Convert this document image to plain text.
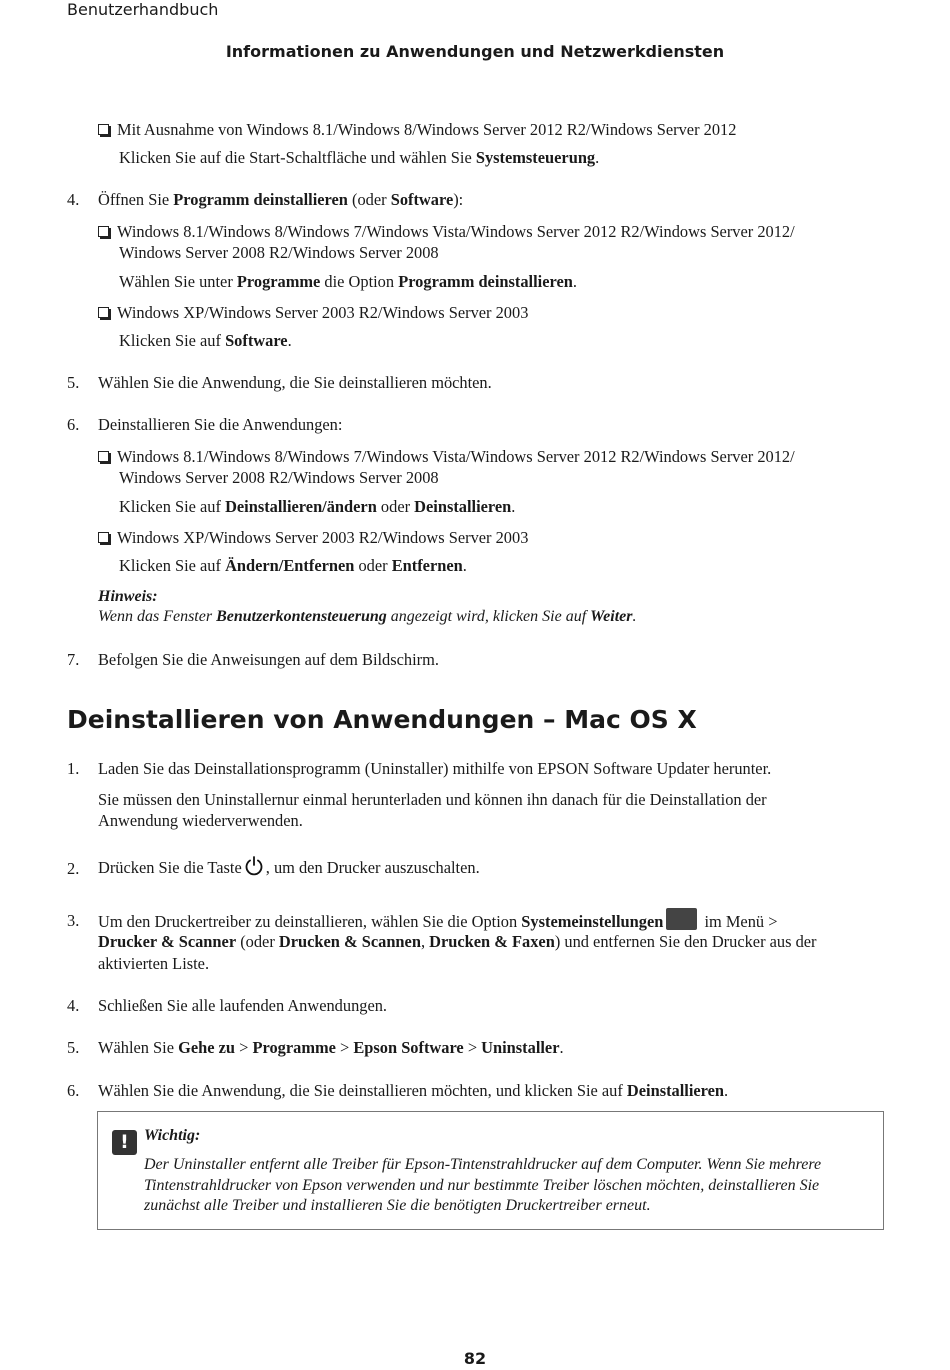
Benutzerhandbuch
Informationen zu Anwendungen und Netzwerkdiensten
Mit Ausnahme von Windows 8.1/Windows 8/Windows Server 2012 R2/Windows Server 2012
Klicken Sie auf die Start-Schaltfläche und wählen Sie Systemsteuerung.
4.	Öffnen Sie Programm deinstallieren (oder Software):
Windows 8.1/Windows 8/Windows 7/Windows Vista/Windows Server 2012 R2/Windows Server 2012/
Windows Server 2008 R2/Windows Server 2008
Wählen Sie unter Programme die Option Programm deinstallieren.
Windows XP/Windows Server 2003 R2/Windows Server 2003
Klicken Sie auf Software.
5.	Wählen Sie die Anwendung, die Sie deinstallieren möchten.
6.	Deinstallieren Sie die Anwendungen:
Windows 8.1/Windows 8/Windows 7/Windows Vista/Windows Server 2012 R2/Windows Server 2012/
Windows Server 2008 R2/Windows Server 2008
Klicken Sie auf Deinstallieren/ändern oder Deinstallieren.
Windows XP/Windows Server 2003 R2/Windows Server 2003
Klicken Sie auf Ändern/Entfernen oder Entfernen.
Hinweis:
Wenn das Fenster Benutzerkontensteuerung angezeigt wird, klicken Sie auf Weiter.
7.	Befolgen Sie die Anweisungen auf dem Bildschirm.
Deinstallieren von Anwendungen – Mac OS X
1.	Laden Sie das Deinstallationsprogramm (Uninstaller) mithilfe von EPSON Software Updater herunter.
Sie müssen den Uninstallernur einmal herunterladen und können ihn danach für die Deinstallation der
Anwendung wiederverwenden.
2.	Drücken Sie die Taste , um den Drucker auszuschalten.
3.	Um den Druckertreiber zu deinstallieren, wählen Sie die Option Systemeinstellungen im Menü >
Drucker & Scanner (oder Drucken & Scannen, Drucken & Faxen) und entfernen Sie den Drucker aus der
aktivierten Liste.
4.	Schließen Sie alle laufenden Anwendungen.
5.	Wählen Sie Gehe zu > Programme > Epson Software > Uninstaller.
6.	Wählen Sie die Anwendung, die Sie deinstallieren möchten, und klicken Sie auf Deinstallieren.
! Wichtig:
Der Uninstaller entfernt alle Treiber für Epson-Tintenstrahldrucker auf dem Computer. Wenn Sie mehrere
Tintenstrahldrucker von Epson verwenden und nur bestimmte Treiber löschen möchten, deinstallieren Sie
zunächst alle Treiber und installieren Sie die benötigten Druckertreiber erneut.
82
